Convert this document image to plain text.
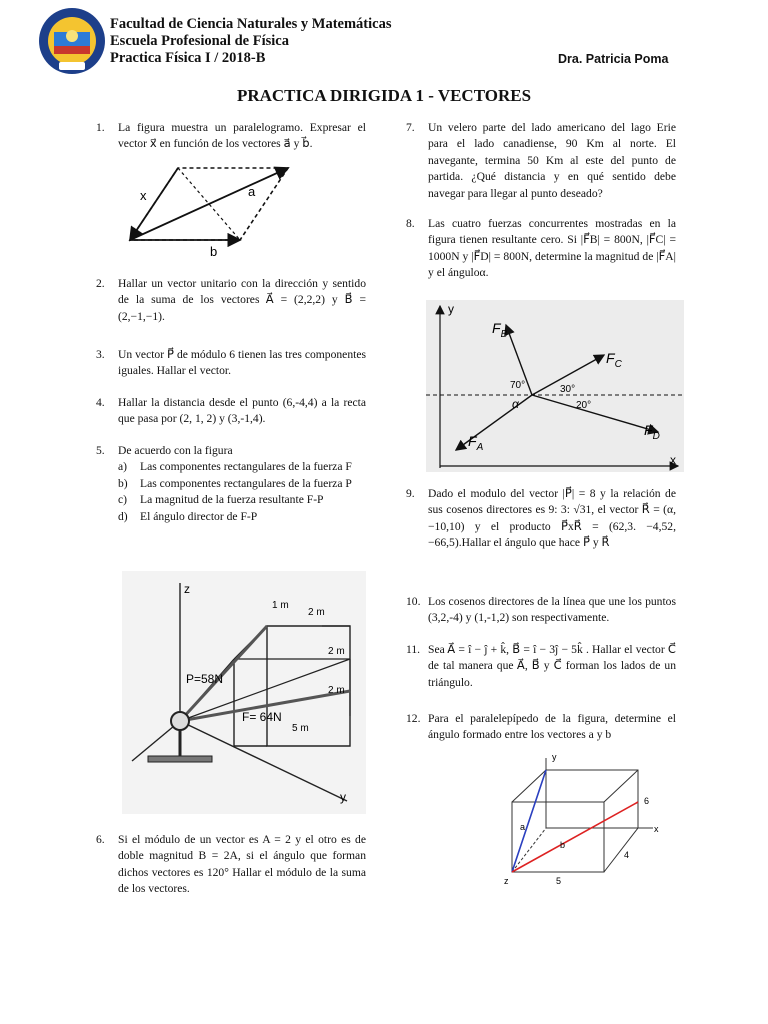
Facultad de Ciencia Naturales y Matemáticas
Escuela Profesional de Física
Practica Física I / 2018-B	Dra. Patricia Poma
PRACTICA DIRIGIDA 1 - VECTORES
1. La figura muestra un paralelogramo. Expresar el vector x⃗ en función de los vectores a⃗ y b⃗.
x	a
b
2. Hallar un vector unitario con la dirección y sentido de la suma de los vectores A⃗ = (2,2,2) y B⃗ = (2,−1,−1).
3. Un vector P⃗ de módulo 6 tienen las tres componentes iguales. Hallar el vector.
4. Hallar la distancia desde el punto (6,-4,4) a la recta que pasa por (2, 1, 2) y (3,-1,4).
5. De acuerdo con la figura
a) Las componentes rectangulares de la fuerza F
b) Las componentes rectangulares de la fuerza P
c) La magnitud de la fuerza resultante F-P
d) El ángulo director de F-P
z
y
1 m
2 m
2 m
2 m
5 m
P=58N
F= 64N
6. Si el módulo de un vector es A = 2 y el otro es de doble magnitud B = 2A, si el ángulo que forman dichos vectores es 120° Hallar el módulo de la suma de los vectores.
7. Un velero parte del lado americano del lago Erie para el lado canadiense, 90 Km al norte. El navegante, termina 50 Km al este del punto de partida. ¿Qué distancia y en qué sentido debe navegar para llegar al punto deseado?
8. Las cuatro fuerzas concurrentes mostradas en la figura tienen resultante cero. Si |F⃗B| = 800N, |F⃗C| = 1000N y |F⃗D| = 800N, determine la magnitud de |F⃗A| y el ánguloα.
y
x
$F_B$
$F_C$
$F_D$
$F_A$
70°	30°
20°
α
9. Dado el modulo del vector |P⃗| = 8 y la relación de sus cosenos directores es 9: 3: √31, el vector R⃗ = (α, −10,10) y el producto P⃗xR⃗ = (62,3. −4,52, −66,5).Hallar el ángulo que hace P⃗ y R⃗
10. Los cosenos directores de la línea que une los puntos (3,2,-4) y (1,-1,2) son respectivamente.
11. Sea A⃗ = î − ĵ + k̂, B⃗ = î − 3ĵ − 5k̂ . Hallar el vector C⃗ de tal manera que A⃗, B⃗ y C⃗ forman los lados de un triángulo.
12. Para el paralelepípedo de la figura, determine el ángulo formado entre los vectores a y b
y
x
z
a
b
6
4
5
